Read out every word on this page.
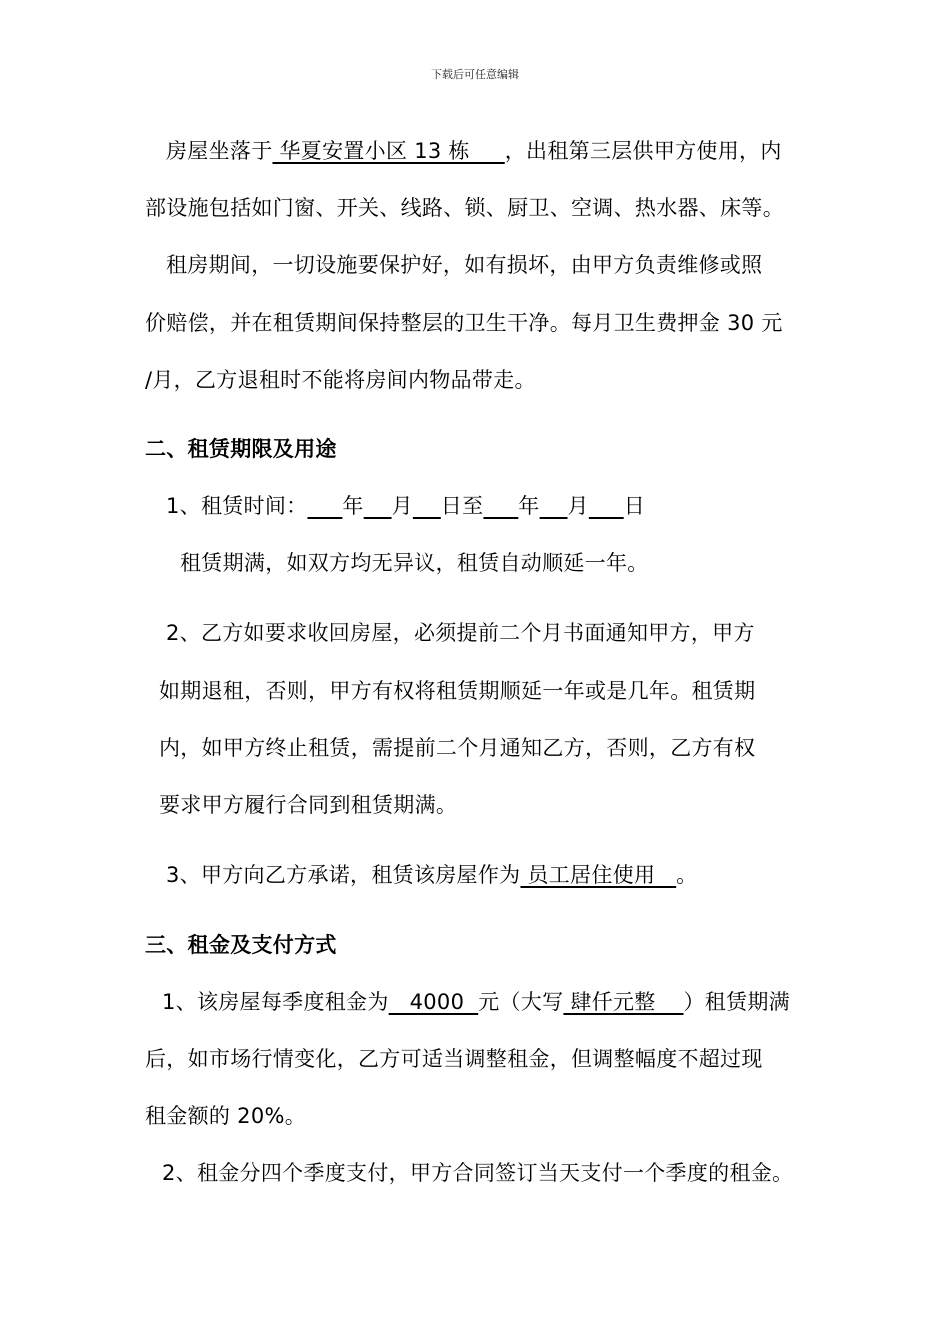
下载后可任意编辑
房屋坐落于 华夏安置小区 13 栋     ，出租第三层供甲方使用，内
部设施包括如门窗、开关、线路、锁、厨卫、空调、热水器、床等。
租房期间，一切设施要保护好，如有损坏，由甲方负责维修或照
价赔偿，并在租赁期间保持整层的卫生干净。每月卫生费押金 30 元
/月，乙方退租时不能将房间内物品带走。
二、租赁期限及用途
1、租赁时间： 年 月 日至 年 月 日
租赁期满，如双方均无异议，租赁自动顺延一年。
2、乙方如要求收回房屋，必须提前二个月书面通知甲方，甲方
如期退租，否则，甲方有权将租赁期顺延一年或是几年。租赁期
内，如甲方终止租赁，需提前二个月通知乙方，否则，乙方有权
要求甲方履行合同到租赁期满。
3、甲方向乙方承诺，租赁该房屋作为 员工居住使用   。
三、租金及支付方式
1、该房屋每季度租金为   4000  元（大写 肆仟元整    ）租赁期满
后，如市场行情变化，乙方可适当调整租金，但调整幅度不超过现
租金额的 20%。
2、租金分四个季度支付，甲方合同签订当天支付一个季度的租金。
